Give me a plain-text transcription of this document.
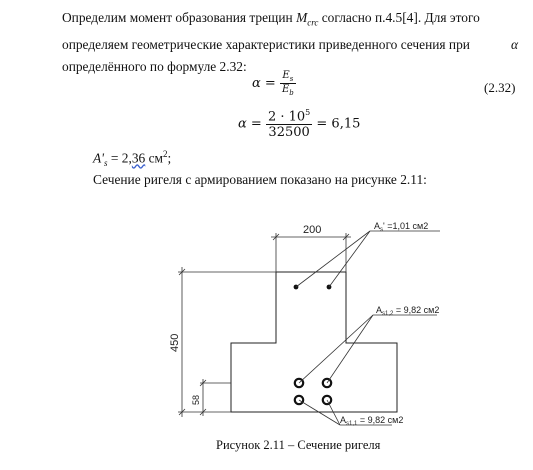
Определим момент образования трещин $M_{crc}$ согласно п.4.5[4]. Для этого
определяем геометрические характеристики приведенного сечения при	α
определённого по формуле 2.32:
$\alpha = \frac{E_s}{E_b}$	(2.32)
$\alpha = \frac{2 \cdot 10^5}{32500} = 6,15$
$A'_s = 2,36$ $см^2$;
Сечение ригеля с армированием показано на рисунке 2.11:
200
450
58
$A_s' =1,01$ см2
$A_{s1,2} = 9,82$ см2
$A_{s1,1} = 9,82$ см2
Рисунок 2.11 – Сечение ригеля
